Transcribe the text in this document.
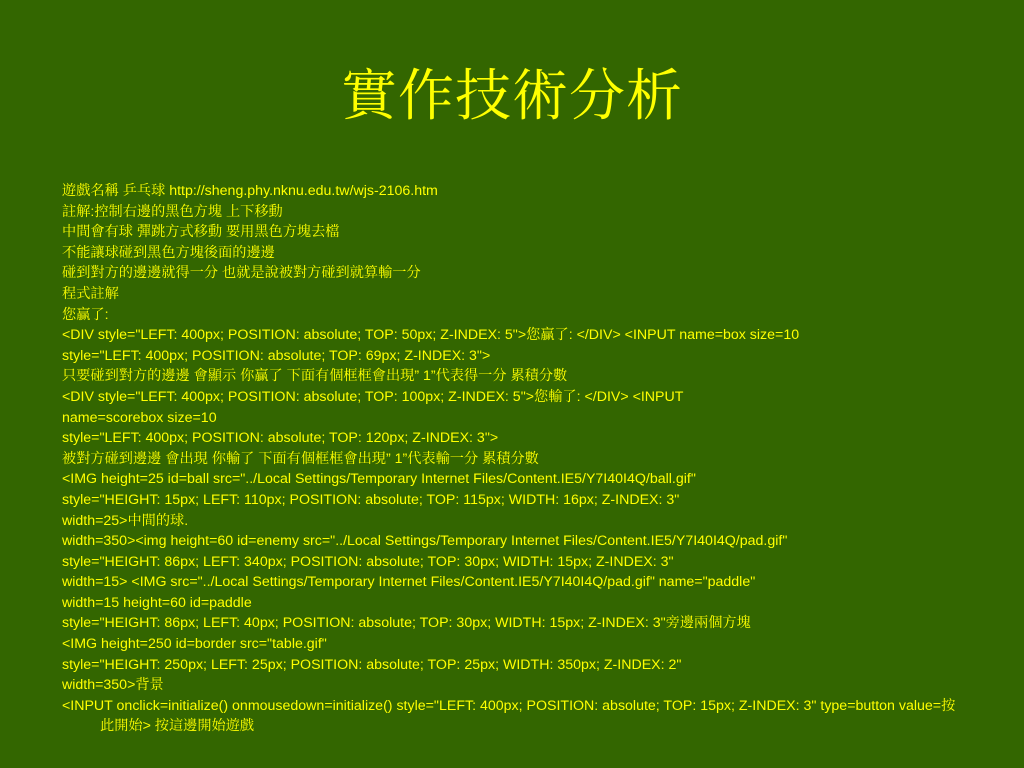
實作技術分析
遊戲名稱 乒乓球 http://sheng.phy.nknu.edu.tw/wjs-2106.htm
註解:控制右邊的黑色方塊 上下移動
中間會有球 彈跳方式移動 要用黑色方塊去檔
不能讓球碰到黑色方塊後面的邊邊
碰到對方的邊邊就得一分 也就是說被對方碰到就算輸一分
程式註解
您贏了:
<DIV style="LEFT: 400px; POSITION: absolute; TOP: 50px; Z-INDEX: 5">您贏了: </DIV> <INPUT name=box size=10
style="LEFT: 400px; POSITION: absolute; TOP: 69px; Z-INDEX: 3">
只要碰到對方的邊邊 會顯示 你贏了 下面有個框框會出現” 1”代表得一分 累積分數
<DIV style="LEFT: 400px; POSITION: absolute; TOP: 100px; Z-INDEX: 5">您輸了: </DIV> <INPUT
name=scorebox size=10
style="LEFT: 400px; POSITION: absolute; TOP: 120px; Z-INDEX: 3">
被對方碰到邊邊 會出現 你輸了 下面有個框框會出現” 1”代表輸一分 累積分數
<IMG height=25 id=ball src="../Local Settings/Temporary Internet Files/Content.IE5/Y7I40I4Q/ball.gif"
style="HEIGHT: 15px; LEFT: 110px; POSITION: absolute; TOP: 115px; WIDTH: 16px; Z-INDEX: 3"
width=25>中間的球.
width=350><img height=60 id=enemy src="../Local Settings/Temporary Internet Files/Content.IE5/Y7I40I4Q/pad.gif"
style="HEIGHT: 86px; LEFT: 340px; POSITION: absolute; TOP: 30px; WIDTH: 15px; Z-INDEX: 3"
width=15> <IMG src="../Local Settings/Temporary Internet Files/Content.IE5/Y7I40I4Q/pad.gif" name="paddle"
width=15 height=60 id=paddle
style="HEIGHT: 86px; LEFT: 40px; POSITION: absolute; TOP: 30px; WIDTH: 15px; Z-INDEX: 3"旁邊兩個方塊
<IMG height=250 id=border src="table.gif"
style="HEIGHT: 250px; LEFT: 25px; POSITION: absolute; TOP: 25px; WIDTH: 350px; Z-INDEX: 2"
width=350>背景
<INPUT onclick=initialize() onmousedown=initialize() style="LEFT: 400px; POSITION: absolute; TOP: 15px; Z-INDEX: 3" type=button value=按此開始> 按這邊開始遊戲
